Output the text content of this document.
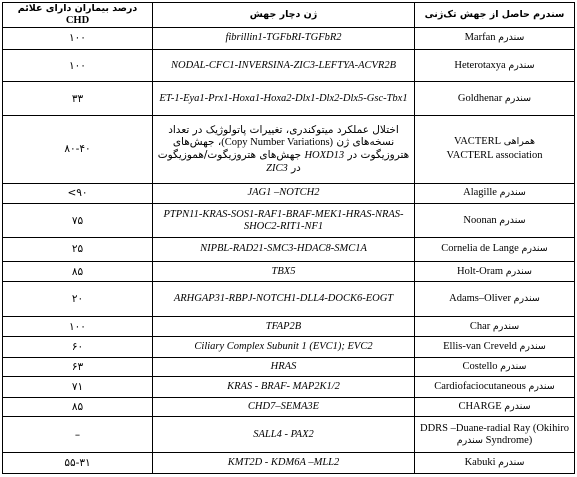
درصد بیماران دارای علائم CHD	ژن دچار جهش	سندرم حاصل از جهش تک‌ژنی
۱۰۰	fibrillin1-TGFbRI-TGFbR2	سندرم Marfan
۱۰۰	NODAL-CFC1-INVERSINA-ZIC3-LEFTYA-ACVR2B	سندرم Heterotaxya
۳۳	ET-1-Eya1-Prx1-Hoxa1-Hoxa2-Dlx1-Dlx2-Dlx5-Gsc-Tbx1	سندرم Goldhenar
۸۰-۴۰	اختلال عملکرد میتوکندری، تغییرات پاتولوژیک در تعداد نسخه‌های ژن (Copy Number Variations)، جهش‌های هتروزیگوت در HOXD13 جهش‌های هتروزیگوت/هموزیگوت در ZIC3	همراهی VACTERL
VACTERL association
<۹۰	JAG1 –NOTCH2	سندرم Alagille
۷۵	PTPN11-KRAS-SOS1-RAF1-BRAF-MEK1-HRAS-NRAS-SHOC2-RIT1-NF1	سندرم Noonan
۲۵	NIPBL-RAD21-SMC3-HDAC8-SMC1A	سندرم Cornelia de Lange
۸۵	TBX5	سندرم Holt-Oram
۲۰	ARHGAP31-RBPJ-NOTCH1-DLL4-DOCK6-EOGT	سندرم Adams–Oliver
۱۰۰	TFAP2B	سندرم Char
۶۰	Ciliary Complex Subunit 1 (EVC1); EVC2	سندرم Ellis-van Creveld
۶۳	HRAS	سندرم Costello
۷۱	KRAS - BRAF- MAP2K1/2	سندرم Cardiofaciocutaneous
۸۵	CHD7–SEMA3E	سندرم CHARGE
–	SALL4 - PAX2	DDRS –Duane-radial Ray (Okihiro Syndrome) سندرم
۵۵-۳۱	KMT2D - KDM6A –MLL2	سندرم Kabuki
